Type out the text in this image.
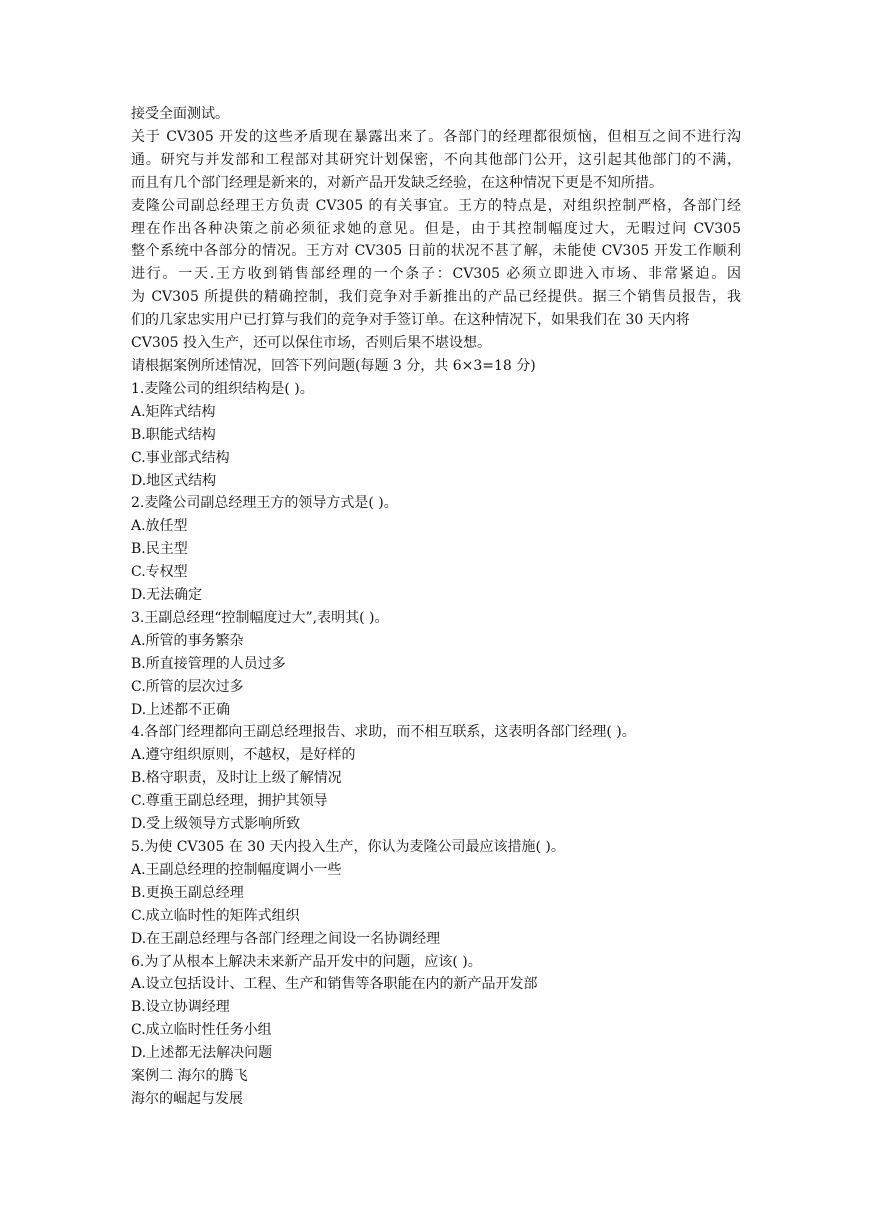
接受全面测试。

关于 CV305 开发的这些矛盾现在暴露出来了。各部门的经理都很烦恼，但相互之间不进行沟

通。研究与并发部和工程部对其研究计划保密，不向其他部门公开，这引起其他部门的不满，

而且有几个部门经理是新来的，对新产品开发缺乏经验，在这种情况下更是不知所措。

麦隆公司副总经理王方负责 CV305 的有关事宜。王方的特点是，对组织控制严格，各部门经

理在作出各种决策之前必须征求她的意见。但是，由于其控制幅度过大，无暇过问 CV305

整个系统中各部分的情况。王方对 CV305 日前的状况不甚了解，未能使 CV305 开发工作顺利

进行。一天.王方收到销售部经理的一个条子：CV305 必须立即进入市场、非常紧迫。因

为 CV305 所提供的精确控制，我们竞争对手新推出的产品已经提供。据三个销售员报告，我

们的几家忠实用户已打算与我们的竞争对手签订单。在这种情况下，如果我们在 30 天内将

CV305 投入生产，还可以保住市场，否则后果不堪设想。

请根据案例所述情况，回答下列问题(每题 3 分，共 6×3=18 分)

1.麦隆公司的组织结构是( )。

A.矩阵式结构

B.职能式结构

C.事业部式结构

D.地区式结构

2.麦隆公司副总经理王方的领导方式是( )。

A.放任型

B.民主型

C.专权型

D.无法确定

3.王副总经理“控制幅度过大”,表明其( )。

A.所管的事务繁杂

B.所直接管理的人员过多

C.所管的层次过多

D.上述都不正确

4.各部门经理都向王副总经理报告、求助，而不相互联系，这表明各部门经理( )。

A.遵守组织原则，不越权，是好样的

B.格守职责，及时让上级了解情况

C.尊重王副总经理，拥护其领导

D.受上级领导方式影响所致

5.为使 CV305 在 30 天内投入生产，你认为麦隆公司最应该措施( )。

A.王副总经理的控制幅度调小一些

B.更换王副总经理

C.成立临时性的矩阵式组织

D.在王副总经理与各部门经理之间设一名协调经理

6.为了从根本上解决未来新产品开发中的问题，应该( )。

A.设立包括设计、工程、生产和销售等各职能在内的新产品开发部

B.设立协调经理

C.成立临时性任务小组

D.上述都无法解决问题

案例二 海尔的腾飞

海尔的崛起与发展
